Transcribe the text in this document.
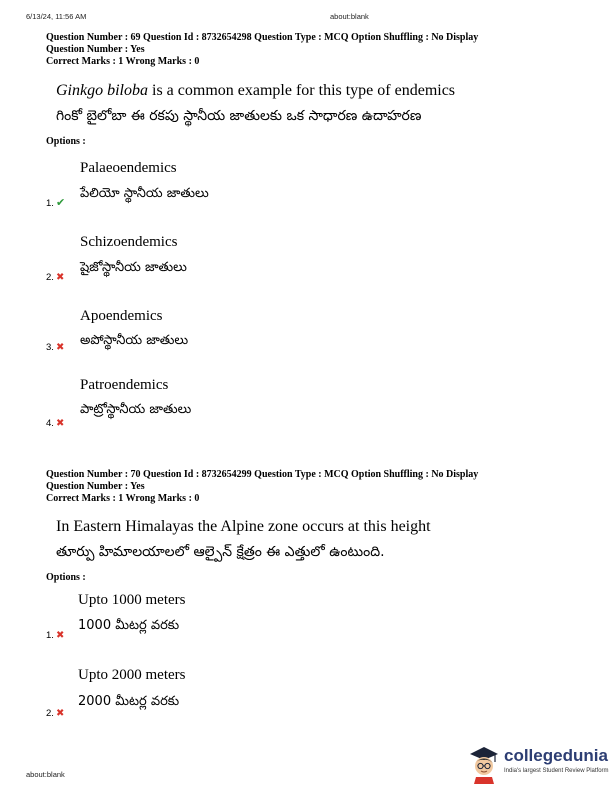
6/13/24, 11:56 AM	about:blank
Question Number : 69 Question Id : 8732654298 Question Type : MCQ Option Shuffling : No Display
Question Number : Yes
Correct Marks : 1 Wrong Marks : 0
Ginkgo biloba is a common example for this type of endemics
గింకో బైలోబా ఈ రకపు స్థానీయ జాతులకు ఒక సాధారణ ఉదాహరణ
Options :
Palaeoendemics
పేలియో స్థానీయ జాతులు
1. ✔
Schizoendemics
షైజోస్థానీయ జాతులు
2. ✖
Apoendemics
అపోస్థానీయ జాతులు
3. ✖
Patroendemics
పాట్రోస్థానీయ జాతులు
4. ✖
Question Number : 70 Question Id : 8732654299 Question Type : MCQ Option Shuffling : No Display
Question Number : Yes
Correct Marks : 1 Wrong Marks : 0
In Eastern Himalayas the Alpine zone occurs at this height
తూర్పు హిమాలయాలలో ఆల్పైన్ క్షేత్రం ఈ ఎత్తులో ఉంటుంది.
Options :
Upto 1000 meters
1000 మీటర్ల వరకు
1. ✖
Upto 2000 meters
2000 మీటర్ల వరకు
2. ✖
about:blank
collegedunia
India's largest Student Review Platform
